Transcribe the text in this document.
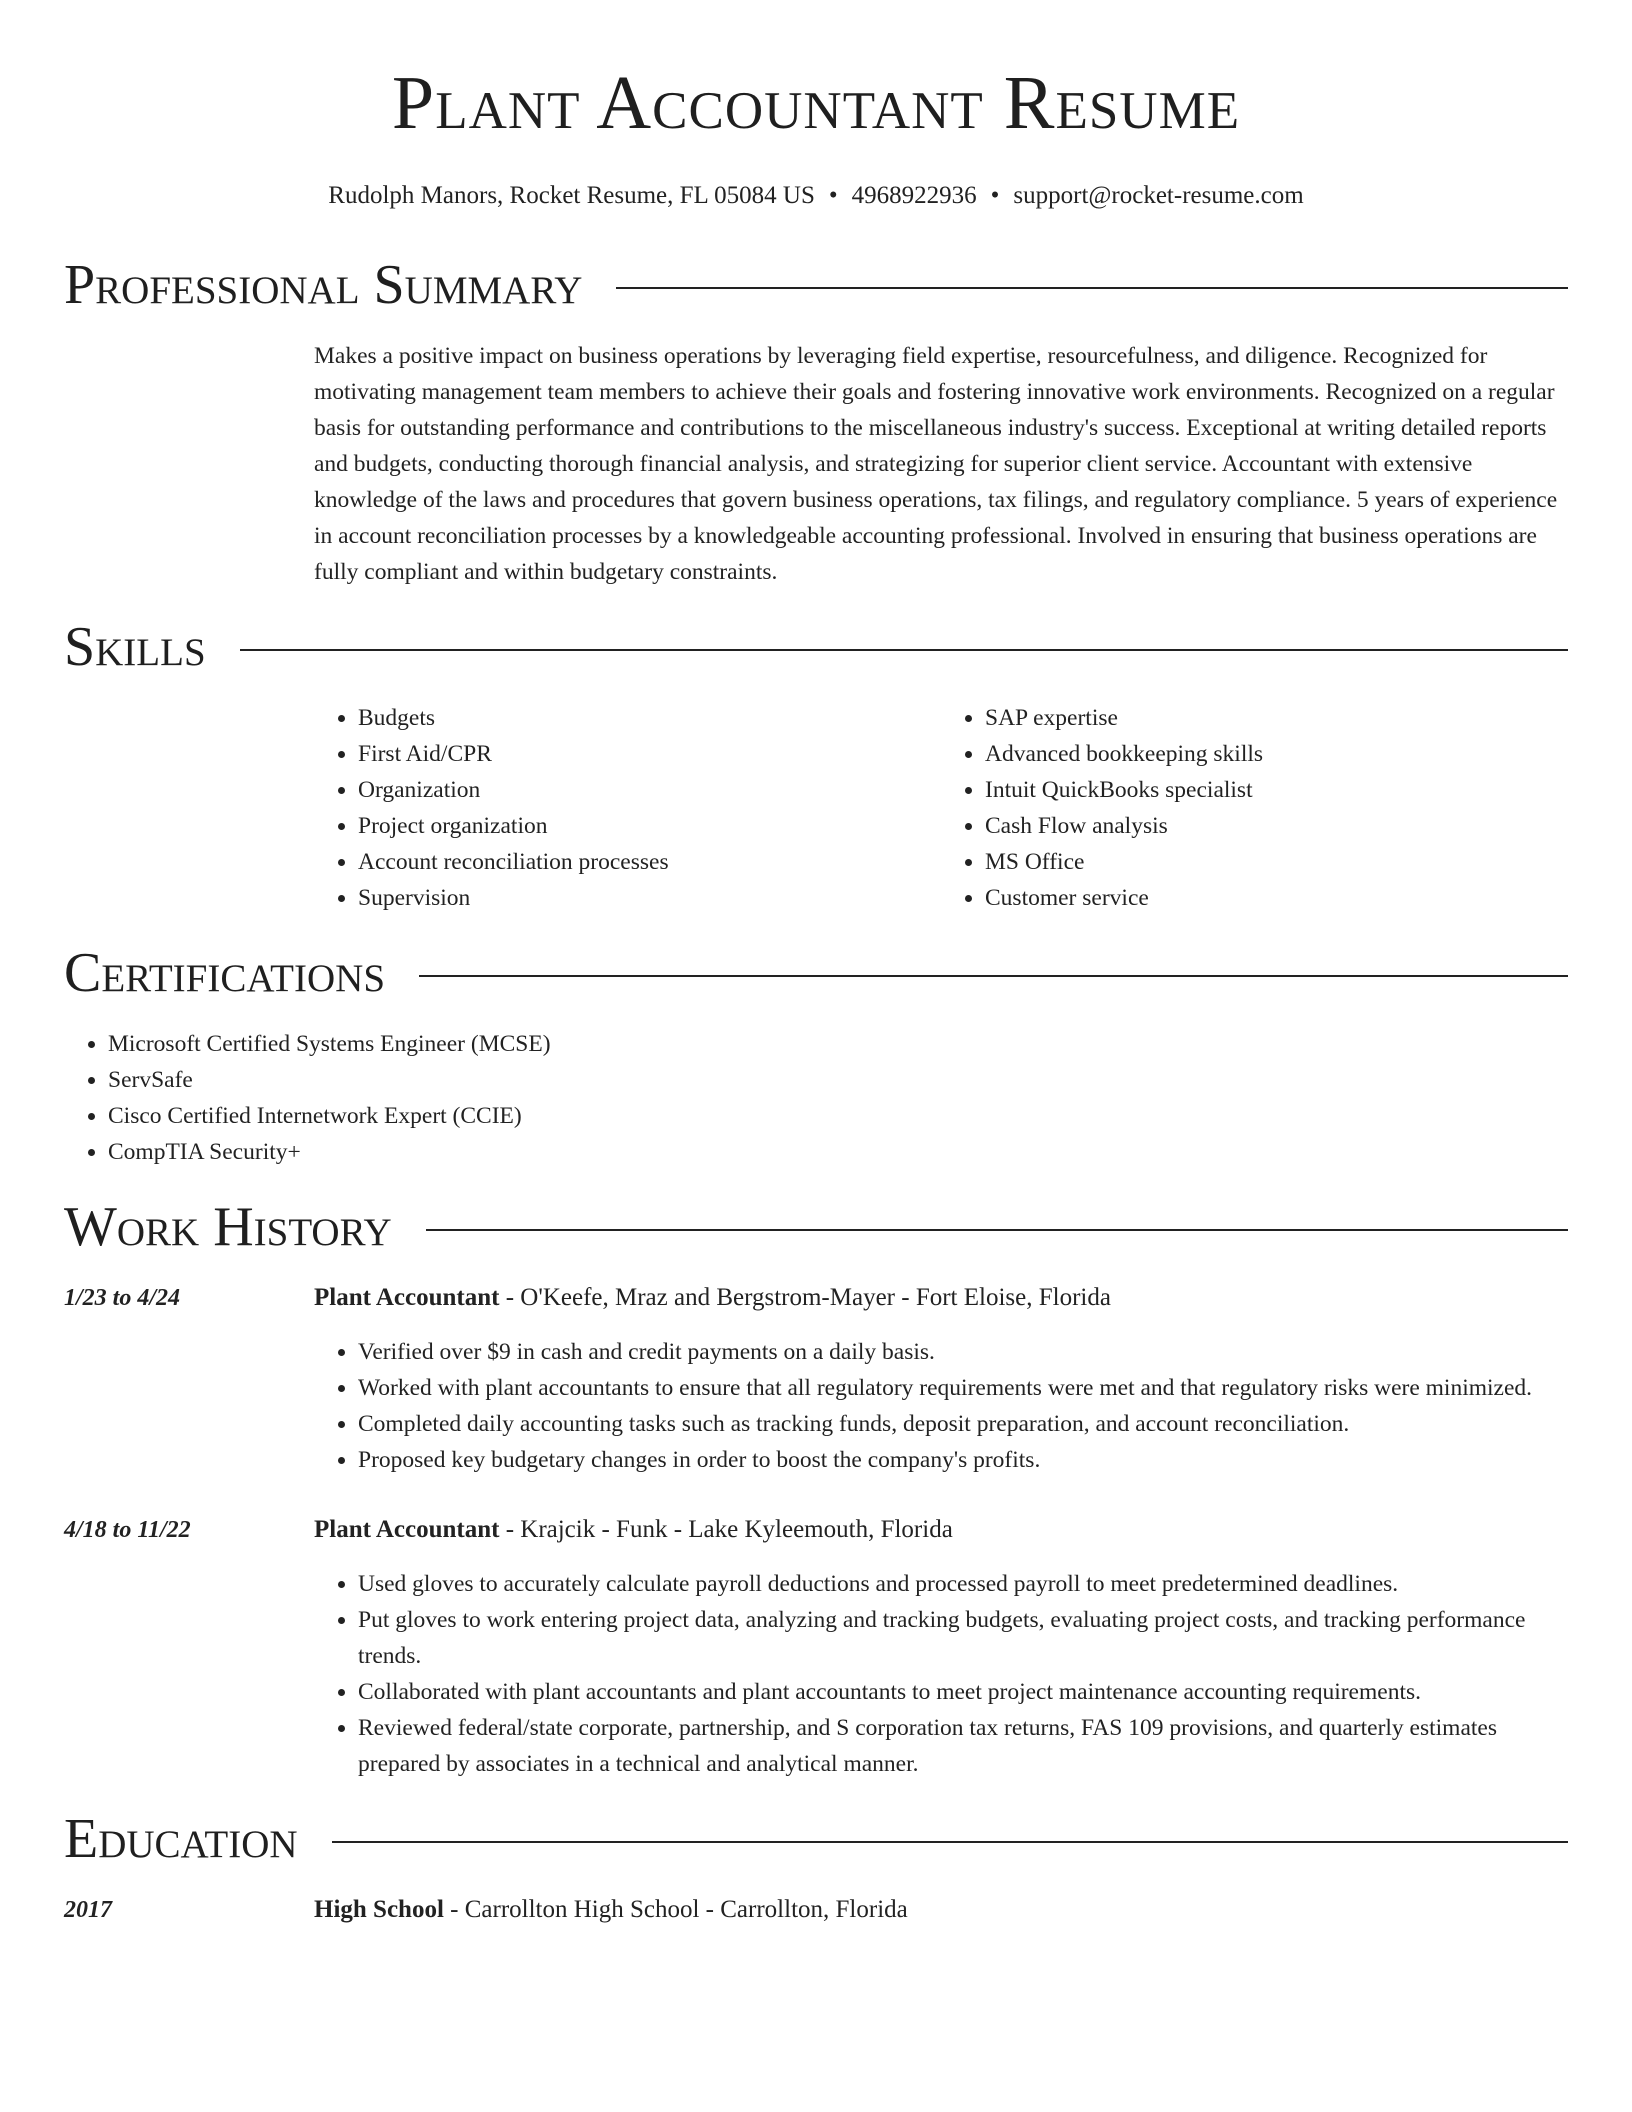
Plant Accountant Resume
Rudolph Manors, Rocket Resume, FL 05084 US • 4968922936 • support@rocket-resume.com
Professional Summary

Makes a positive impact on business operations by leveraging field expertise, resourcefulness, and diligence. Recognized for motivating management team members to achieve their goals and fostering innovative work environments. Recognized on a regular basis for outstanding performance and contributions to the miscellaneous industry's success. Exceptional at writing detailed reports and budgets, conducting thorough financial analysis, and strategizing for superior client service. Accountant with extensive knowledge of the laws and procedures that govern business operations, tax filings, and regulatory compliance. 5 years of experience in account reconciliation processes by a knowledgeable accounting professional. Involved in ensuring that business operations are fully compliant and within budgetary constraints.

Skills
• Budgets
• First Aid/CPR
• Organization
• Project organization
• Account reconciliation processes
• Supervision
• SAP expertise
• Advanced bookkeeping skills
• Intuit QuickBooks specialist
• Cash Flow analysis
• MS Office
• Customer service
Certifications
• Microsoft Certified Systems Engineer (MCSE)
• ServSafe
• Cisco Certified Internetwork Expert (CCIE)
• CompTIA Security+
Work History
1/23 to 4/24	Plant Accountant - O'Keefe, Mraz and Bergstrom-Mayer - Fort Eloise, Florida
• Verified over $9 in cash and credit payments on a daily basis.
• Worked with plant accountants to ensure that all regulatory requirements were met and that regulatory risks were minimized.
• Completed daily accounting tasks such as tracking funds, deposit preparation, and account reconciliation.
• Proposed key budgetary changes in order to boost the company's profits.
4/18 to 11/22	Plant Accountant - Krajcik - Funk - Lake Kyleemouth, Florida
• Used gloves to accurately calculate payroll deductions and processed payroll to meet predetermined deadlines.
• Put gloves to work entering project data, analyzing and tracking budgets, evaluating project costs, and tracking performance trends.
• Collaborated with plant accountants and plant accountants to meet project maintenance accounting requirements.
• Reviewed federal/state corporate, partnership, and S corporation tax returns, FAS 109 provisions, and quarterly estimates prepared by associates in a technical and analytical manner.
Education
2017	High School - Carrollton High School - Carrollton, Florida
